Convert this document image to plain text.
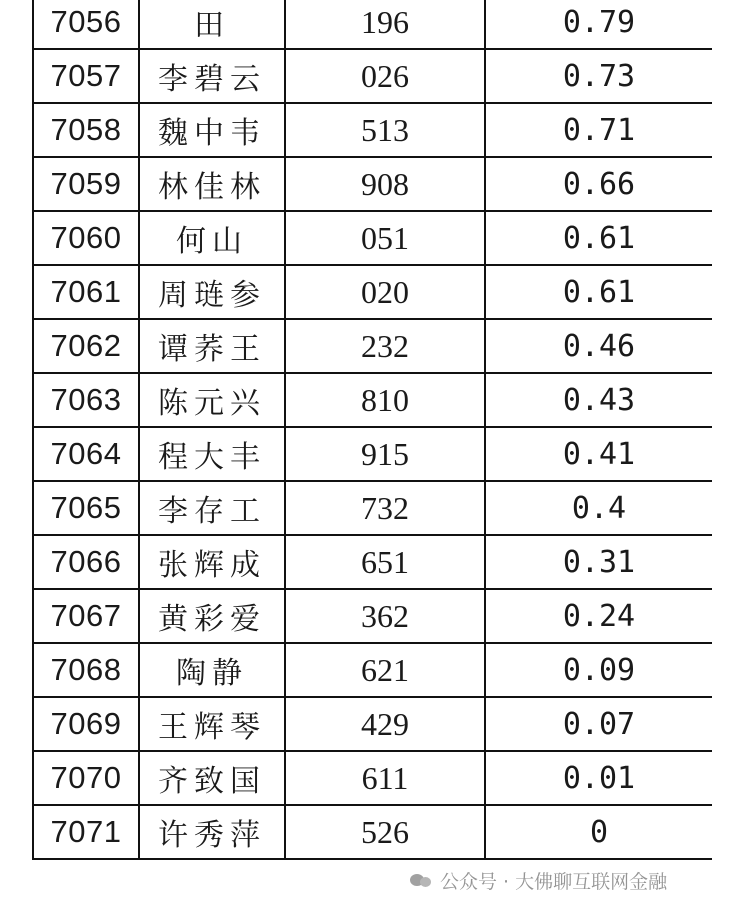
7056	田	196	0.79
7057	李碧云	026	0.73
7058	魏中韦	513	0.71
7059	林佳林	908	0.66
7060	何山	051	0.61
7061	周琏参	020	0.61
7062	谭荞王	232	0.46
7063	陈元兴	810	0.43
7064	程大丰	915	0.41
7065	李存工	732	0.4
7066	张辉成	651	0.31
7067	黄彩爱	362	0.24
7068	陶静	621	0.09
7069	王辉琴	429	0.07
7070	齐致国	611	0.01
7071	许秀萍	526	0
公众号 · 大佛聊互联网金融
